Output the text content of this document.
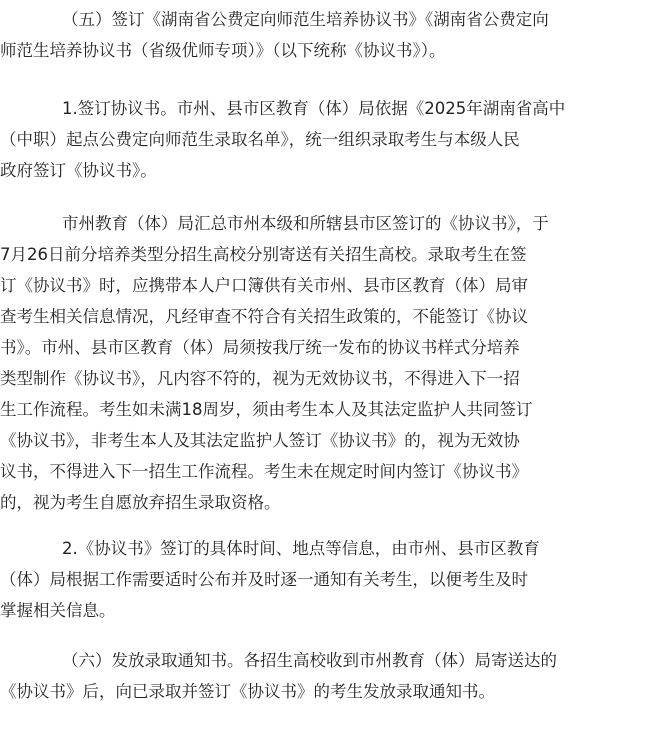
（五）签订《湖南省公费定向师范生培养协议书》《湖南省公费定向
师范生培养协议书（省级优师专项）》（以下统称《协议书》）。
1.签订协议书。市州、县市区教育（体）局依据《2025年湖南省高中
（中职）起点公费定向师范生录取名单》，统一组织录取考生与本级人民
政府签订《协议书》。
市州教育（体）局汇总市州本级和所辖县市区签订的《协议书》，于
7月26日前分培养类型分招生高校分别寄送有关招生高校。录取考生在签
订《协议书》时，应携带本人户口簿供有关市州、县市区教育（体）局审
查考生相关信息情况，凡经审查不符合有关招生政策的，不能签订《协议
书》。市州、县市区教育（体）局须按我厅统一发布的协议书样式分培养
类型制作《协议书》，凡内容不符的，视为无效协议书，不得进入下一招
生工作流程。考生如未满18周岁，须由考生本人及其法定监护人共同签订
《协议书》，非考生本人及其法定监护人签订《协议书》的，视为无效协
议书，不得进入下一招生工作流程。考生未在规定时间内签订《协议书》
的，视为考生自愿放弃招生录取资格。
2.《协议书》签订的具体时间、地点等信息，由市州、县市区教育
（体）局根据工作需要适时公布并及时逐一通知有关考生，以便考生及时
掌握相关信息。
（六）发放录取通知书。各招生高校收到市州教育（体）局寄送达的
《协议书》后，向已录取并签订《协议书》的考生发放录取通知书。
